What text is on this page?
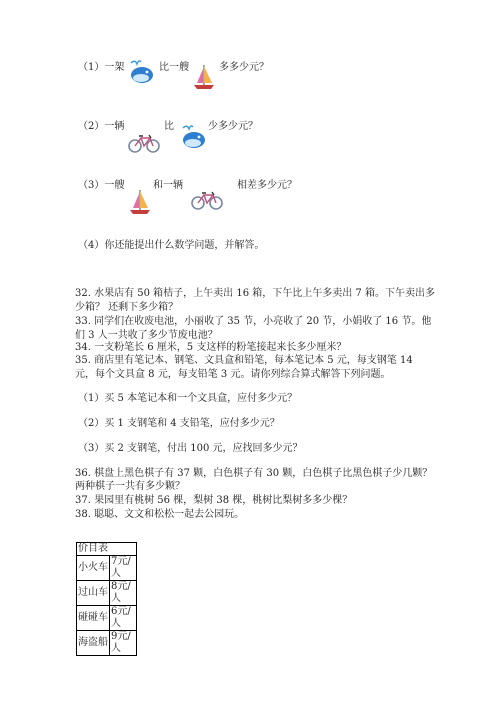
（1）一架	比一艘	多多少元？
（2）一辆	比	少多少元？
（3）一艘	和一辆	相差多少元？
（4）你还能提出什么数学问题，并解答。
32. 水果店有 50 箱桔子，上午卖出 16 箱，下午比上午多卖出 7 箱。下午卖出多
少箱？ 还剩下多少箱？
33. 同学们在收废电池，小丽收了 35 节，小亮收了 20 节，小娟收了 16 节。他
们 3 人一共收了多少节废电池？
34. 一支粉笔长 6 厘米，5 支这样的粉笔接起来长多少厘米？
35. 商店里有笔记本、钢笔、文具盒和铅笔，每本笔记本 5 元，每支钢笔 14
元，每个文具盒 8 元，每支铅笔 3 元。请你列综合算式解答下列问题。
（1）买 5 本笔记本和一个文具盒，应付多少元？
（2）买 1 支钢笔和 4 支铅笔，应付多少元？
（3）买 2 支钢笔，付出 100 元，应找回多少元？
36. 棋盘上黑色棋子有 37 颗，白色棋子有 30 颗，白色棋子比黑色棋子少几颗？
两种棋子一共有多少颗？
37. 果园里有桃树 56 棵，梨树 38 棵，桃树比梨树多多少棵？
38. 聪聪、文文和松松一起去公园玩。
价目表	
小火车	7元/人
过山车	8元/人
碰碰车	6元/人
海盗船	9元/人
